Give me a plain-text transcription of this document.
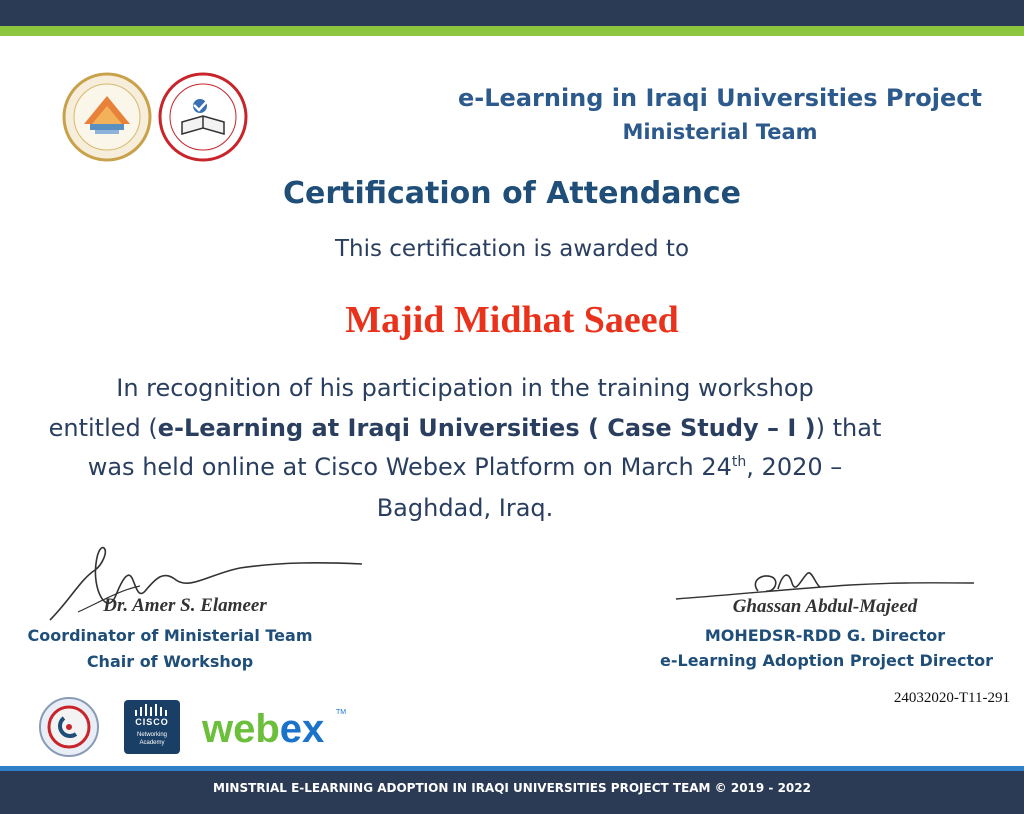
e-Learning in Iraqi Universities Project
Ministerial Team
Certification of Attendance
This certification is awarded to
Majid Midhat Saeed
In recognition of his participation in the training workshop
entitled (e-Learning at Iraqi Universities ( Case Study – I )) that
was held online at Cisco Webex Platform on March 24th, 2020 –
Baghdad, Iraq.
Dr. Amer S. Elameer
Coordinator of Ministerial Team
Chair of Workshop
Ghassan Abdul-Majeed
MOHEDSR-RDD G. Director
e-Learning Adoption Project Director
24032020-T11-291
CISCO
Networking
Academy webex TM
MINSTRIAL E-LEARNING ADOPTION IN IRAQI UNIVERSITIES PROJECT TEAM © 2019 - 2022
